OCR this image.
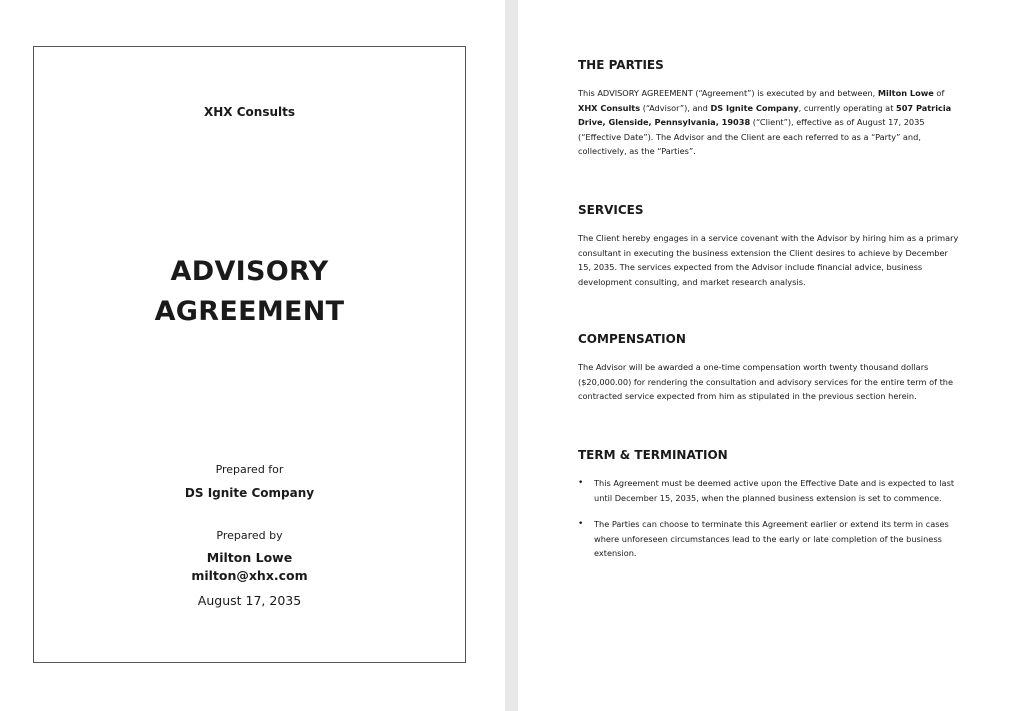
XHX Consults
ADVISORY
AGREEMENT
Prepared for
DS Ignite Company
Prepared by
Milton Lowe
milton@xhx.com
August 17, 2035
THE PARTIES

This ADVISORY AGREEMENT (“Agreement”) is executed by and between, Milton Lowe of XHX Consults (“Advisor”), and DS Ignite Company, currently operating at 507 Patricia Drive, Glenside, Pennsylvania, 19038 (“Client”), effective as of August 17, 2035 (“Effective Date”). The Advisor and the Client are each referred to as a “Party” and, collectively, as the “Parties”.

SERVICES

The Client hereby engages in a service covenant with the Advisor by hiring him as a primary consultant in executing the business extension the Client desires to achieve by December 15, 2035. The services expected from the Advisor include financial advice, business development consulting, and market research analysis.

COMPENSATION

The Advisor will be awarded a one-time compensation worth twenty thousand dollars ($20,000.00) for rendering the consultation and advisory services for the entire term of the contracted service expected from him as stipulated in the previous section herein.

TERM & TERMINATION
• This Agreement must be deemed active upon the Effective Date and is expected to last until December 15, 2035, when the planned business extension is set to commence.
• The Parties can choose to terminate this Agreement earlier or extend its term in cases where unforeseen circumstances lead to the early or late completion of the business extension.
